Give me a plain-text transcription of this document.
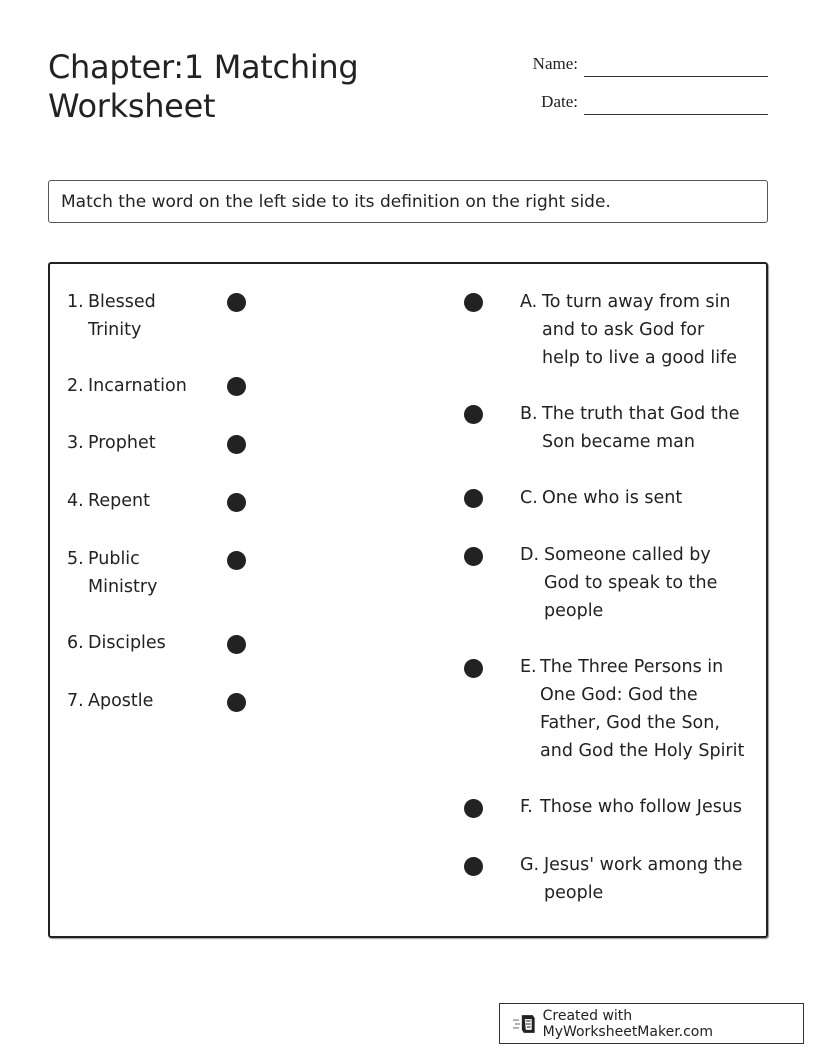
Chapter:1 Matching
Worksheet
Name:
Date:
Match the word on the left side to its definition on the right side.
1. Blessed Trinity
2. Incarnation
3. Prophet
4. Repent
5. Public Ministry
6. Disciples
7. Apostle
A. To turn away from sin and to ask God for help to live a good life
B. The truth that God the Son became man
C. One who is sent
D. Someone called by God to speak to the people
E. The Three Persons in One God: God the Father, God the Son, and God the Holy Spirit
F. Those who follow Jesus
G. Jesus' work among the people
Created with MyWorksheetMaker.com
